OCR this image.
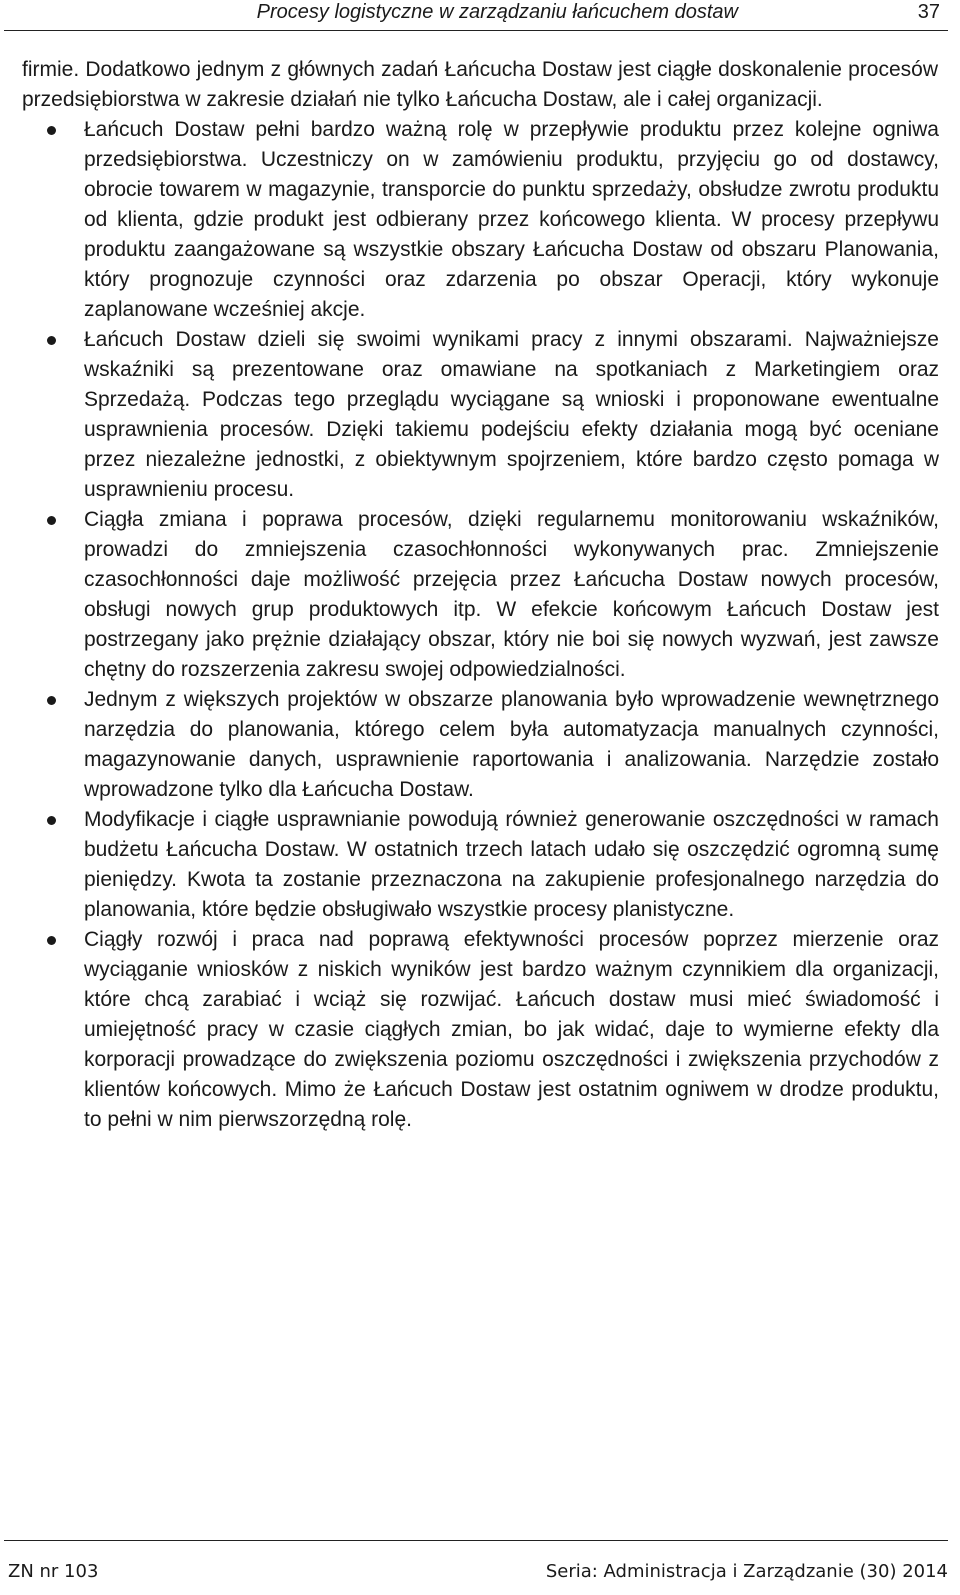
Procesy logistyczne w zarządzaniu łańcuchem dostaw	37

firmie. Dodatkowo jednym z głównych zadań Łańcucha Dostaw jest ciągłe doskonalenie procesów przedsiębiorstwa w zakresie działań nie tylko Łańcucha Dostaw, ale i całej organizacji.

Łańcuch Dostaw pełni bardzo ważną rolę w przepływie produktu przez kolejne ogniwa przedsiębiorstwa. Uczestniczy on w zamówieniu produktu, przyjęciu go od dostawcy, obrocie towarem w magazynie, transporcie do punktu sprzedaży, obsłudze zwrotu produktu od klienta, gdzie produkt jest odbierany przez końcowego klienta. W procesy przepływu produktu zaangażowane są wszystkie obszary Łańcucha Dostaw od obszaru Planowania, który prognozuje czynności oraz zdarzenia po obszar Operacji, który wykonuje zaplanowane wcześniej akcje.
Łańcuch Dostaw dzieli się swoimi wynikami pracy z innymi obszarami. Najważniejsze wskaźniki są prezentowane oraz omawiane na spotkaniach z Marketingiem oraz Sprzedażą. Podczas tego przeglądu wyciągane są wnioski i proponowane ewentualne usprawnienia procesów. Dzięki takiemu podejściu efekty działania mogą być oceniane przez niezależne jednostki, z obiektywnym spojrzeniem, które bardzo często pomaga w usprawnieniu procesu.
Ciągła zmiana i poprawa procesów, dzięki regularnemu monitorowaniu wskaźników, prowadzi do zmniejszenia czasochłonności wykonywanych prac. Zmniejszenie czasochłonności daje możliwość przejęcia przez Łańcucha Dostaw nowych procesów, obsługi nowych grup produktowych itp. W efekcie końcowym Łańcuch Dostaw jest postrzegany jako prężnie działający obszar, który nie boi się nowych wyzwań, jest zawsze chętny do rozszerzenia zakresu swojej odpowiedzialności.
Jednym z większych projektów w obszarze planowania było wprowadzenie wewnętrznego narzędzia do planowania, którego celem była automatyzacja manualnych czynności, magazynowanie danych, usprawnienie raportowania i analizowania. Narzędzie zostało wprowadzone tylko dla Łańcucha Dostaw.
Modyfikacje i ciągłe usprawnianie powodują również generowanie oszczędności w ramach budżetu Łańcucha Dostaw. W ostatnich trzech latach udało się oszczędzić ogromną sumę pieniędzy. Kwota ta zostanie przeznaczona na zakupienie profesjonalnego narzędzia do planowania, które będzie obsługiwało wszystkie procesy planistyczne.
Ciągły rozwój i praca nad poprawą efektywności procesów poprzez mierzenie oraz wyciąganie wniosków z niskich wyników jest bardzo ważnym czynnikiem dla organizacji, które chcą zarabiać i wciąż się rozwijać. Łańcuch dostaw musi mieć świadomość i umiejętność pracy w czasie ciągłych zmian, bo jak widać, daje to wymierne efekty dla korporacji prowadzące do zwiększenia poziomu oszczędności i zwiększenia przychodów z klientów końcowych. Mimo że Łańcuch Dostaw jest ostatnim ogniwem w drodze produktu, to pełni w nim pierwszorzędną rolę.
ZN nr 103	Seria: Administracja i Zarządzanie (30) 2014
